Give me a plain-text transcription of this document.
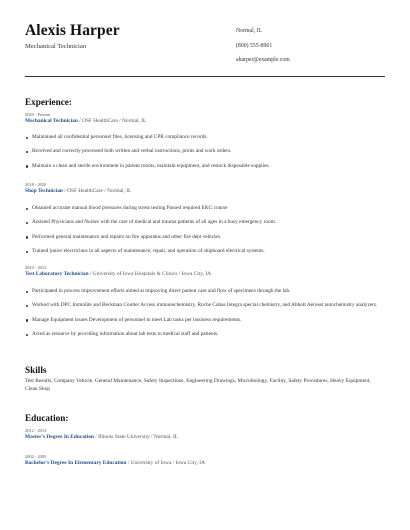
Alexis Harper
Mechanical Technician
Normal, IL
(800) 555-8961
aharper@example.com
Experience:
2020 - Present
Mechanical Technician / OSF HealthCare / Normal, IL
Maintained all confidential personnel files, licensing and CPR compliance records.
Received and correctly processed both written and verbal instructions, prints and work orders.
Maintain a clean and sterile environment in patient rooms, maintain equipment, and restock disposable supplies.
2018 - 2020
Shop Technician / OSF HealthCare / Normal, IL
Obtained accurate manual blood pressures during stress testing Passed required EKG course
Assisted Physicians and Nurses with the care of medical and trauma patients of all ages in a busy emergency room.
Performed general maintenance and repairs on fire apparatus and other fire dept vehicles.
Trained junior electricians in all aspects of maintenance, repair, and operation of shipboard electrical systems.
2010 - 2012
Test Laboratory Technician / University of Iowa Hospitals & Clinics / Iowa City, IA
Participated in process improvement efforts aimed at improving direct patient care and flow of specimens through the lab.
Worked with DPC Immulite and Beckman Coulter Access immunochemistry, Roche Cobas Integra special chemistry, and Abbott Aeroset autochemistry analyzers.
Manage Equipment issues Development of personnel to meet Lab tasks per business requirements.
Acted as resource by providing information about lab tests to medical staff and patients.
Skills
Test Results, Company Vehicle, General Maintenance, Safety Inspections, Engineering Drawings, Microbiology, Facility, Safety Procedures, Heavy Equipment, Clean Shop
Education:
2012 - 2013
Master's Degree In Education / Illinois State University / Normal, IL
2002 - 2005
Bachelor's Degree In Elementary Education / University of Iowa / Iowa City, IA
